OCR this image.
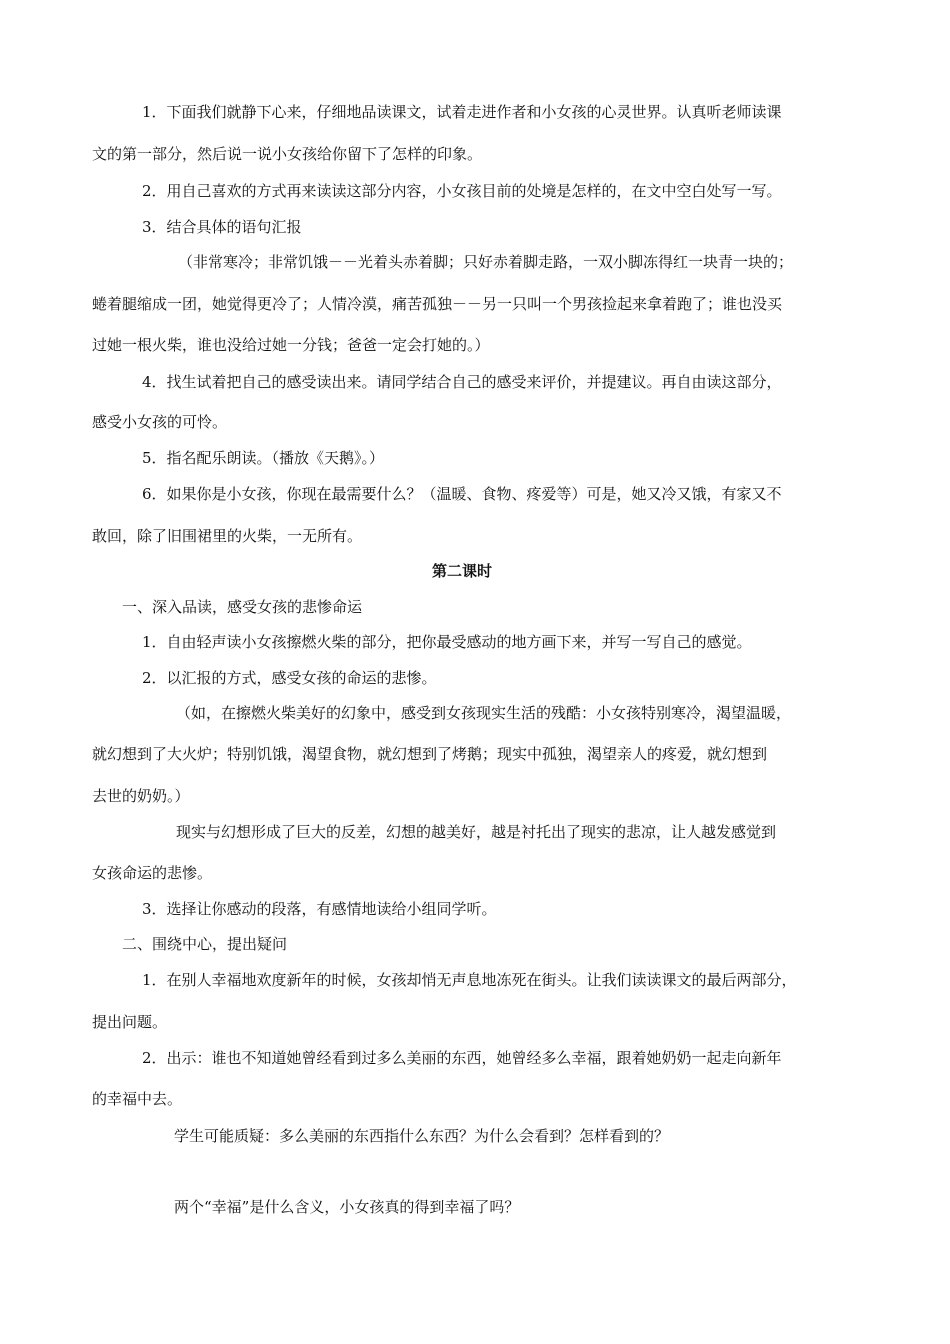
1．下面我们就静下心来，仔细地品读课文，试着走进作者和小女孩的心灵世界。认真听老师读课
文的第一部分，然后说一说小女孩给你留下了怎样的印象。
2．用自己喜欢的方式再来读读这部分内容，小女孩目前的处境是怎样的，在文中空白处写一写。
3．结合具体的语句汇报
（非常寒冷；非常饥饿－－光着头赤着脚；只好赤着脚走路，一双小脚冻得红一块青一块的；
蜷着腿缩成一团，她觉得更冷了；人情冷漠，痛苦孤独－－另一只叫一个男孩捡起来拿着跑了；谁也没买
过她一根火柴，谁也没给过她一分钱；爸爸一定会打她的。）
4．找生试着把自己的感受读出来。请同学结合自己的感受来评价，并提建议。再自由读这部分，
感受小女孩的可怜。
5．指名配乐朗读。（播放《天鹅》。）
6．如果你是小女孩，你现在最需要什么？（温暖、食物、疼爱等）可是，她又冷又饿，有家又不
敢回，除了旧围裙里的火柴，一无所有。
第二课时
一、深入品读，感受女孩的悲惨命运
1．自由轻声读小女孩擦燃火柴的部分，把你最受感动的地方画下来，并写一写自己的感觉。
2．以汇报的方式，感受女孩的命运的悲惨。
（如，在擦燃火柴美好的幻象中，感受到女孩现实生活的残酷：小女孩特别寒冷，渴望温暖，
就幻想到了大火炉；特别饥饿，渴望食物，就幻想到了烤鹅；现实中孤独，渴望亲人的疼爱，就幻想到
去世的奶奶。）
现实与幻想形成了巨大的反差，幻想的越美好，越是衬托出了现实的悲凉，让人越发感觉到
女孩命运的悲惨。
3．选择让你感动的段落，有感情地读给小组同学听。
二、围绕中心，提出疑问
1．在别人幸福地欢度新年的时候，女孩却悄无声息地冻死在街头。让我们读读课文的最后两部分，
提出问题。
2．出示：谁也不知道她曾经看到过多么美丽的东西，她曾经多么幸福，跟着她奶奶一起走向新年
的幸福中去。
学生可能质疑：多么美丽的东西指什么东西？为什么会看到？怎样看到的？
两个“幸福”是什么含义，小女孩真的得到幸福了吗？
